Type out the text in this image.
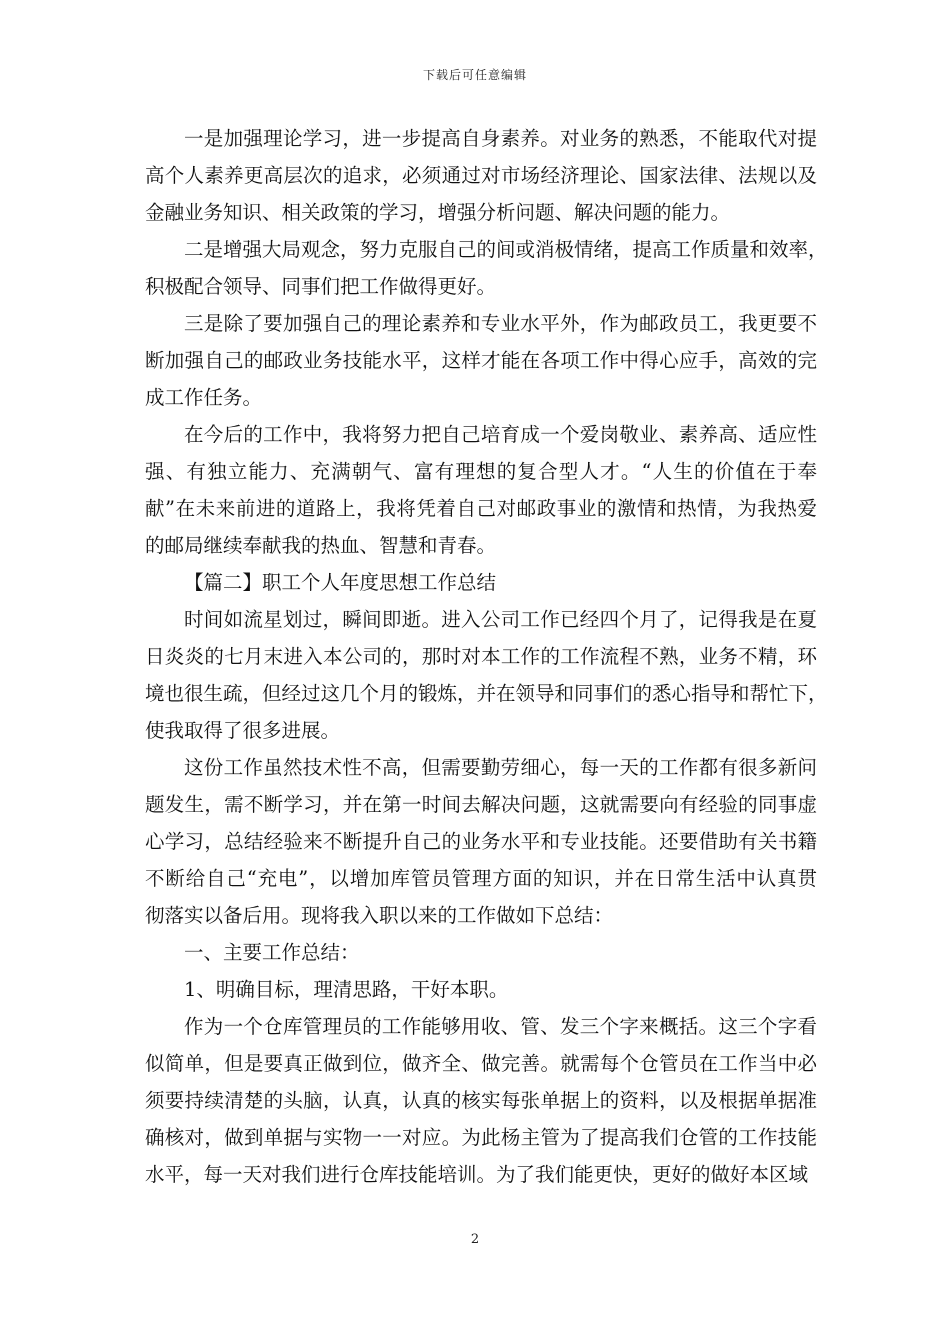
下载后可任意编辑

一是加强理论学习，进一步提高自身素养。对业务的熟悉，不能取代对提
高个人素养更高层次的追求，必须通过对市场经济理论、国家法律、法规以及
金融业务知识、相关政策的学习，增强分析问题、解决问题的能力。

二是增强大局观念，努力克服自己的间或消极情绪，提高工作质量和效率，
积极配合领导、同事们把工作做得更好。

三是除了要加强自己的理论素养和专业水平外，作为邮政员工，我更要不
断加强自己的邮政业务技能水平，这样才能在各项工作中得心应手，高效的完
成工作任务。

在今后的工作中，我将努力把自己培育成一个爱岗敬业、素养高、适应性
强、有独立能力、充满朝气、富有理想的复合型人才。“人生的价值在于奉
献”在未来前进的道路上，我将凭着自己对邮政事业的激情和热情，为我热爱
的邮局继续奉献我的热血、智慧和青春。

【篇二】职工个人年度思想工作总结

时间如流星划过，瞬间即逝。进入公司工作已经四个月了，记得我是在夏
日炎炎的七月末进入本公司的，那时对本工作的工作流程不熟，业务不精，环
境也很生疏，但经过这几个月的锻炼，并在领导和同事们的悉心指导和帮忙下，
使我取得了很多进展。

这份工作虽然技术性不高，但需要勤劳细心，每一天的工作都有很多新问
题发生，需不断学习，并在第一时间去解决问题，这就需要向有经验的同事虚
心学习，总结经验来不断提升自己的业务水平和专业技能。还要借助有关书籍
不断给自己“充电”，以增加库管员管理方面的知识，并在日常生活中认真贯
彻落实以备后用。现将我入职以来的工作做如下总结：

一、主要工作总结：

1、明确目标，理清思路，干好本职。

作为一个仓库管理员的工作能够用收、管、发三个字来概括。这三个字看
似简单，但是要真正做到位，做齐全、做完善。就需每个仓管员在工作当中必
须要持续清楚的头脑，认真，认真的核实每张单据上的资料，以及根据单据准
确核对，做到单据与实物一一对应。为此杨主管为了提高我们仓管的工作技能
水平，每一天对我们进行仓库技能培训。为了我们能更快，更好的做好本区域

2
